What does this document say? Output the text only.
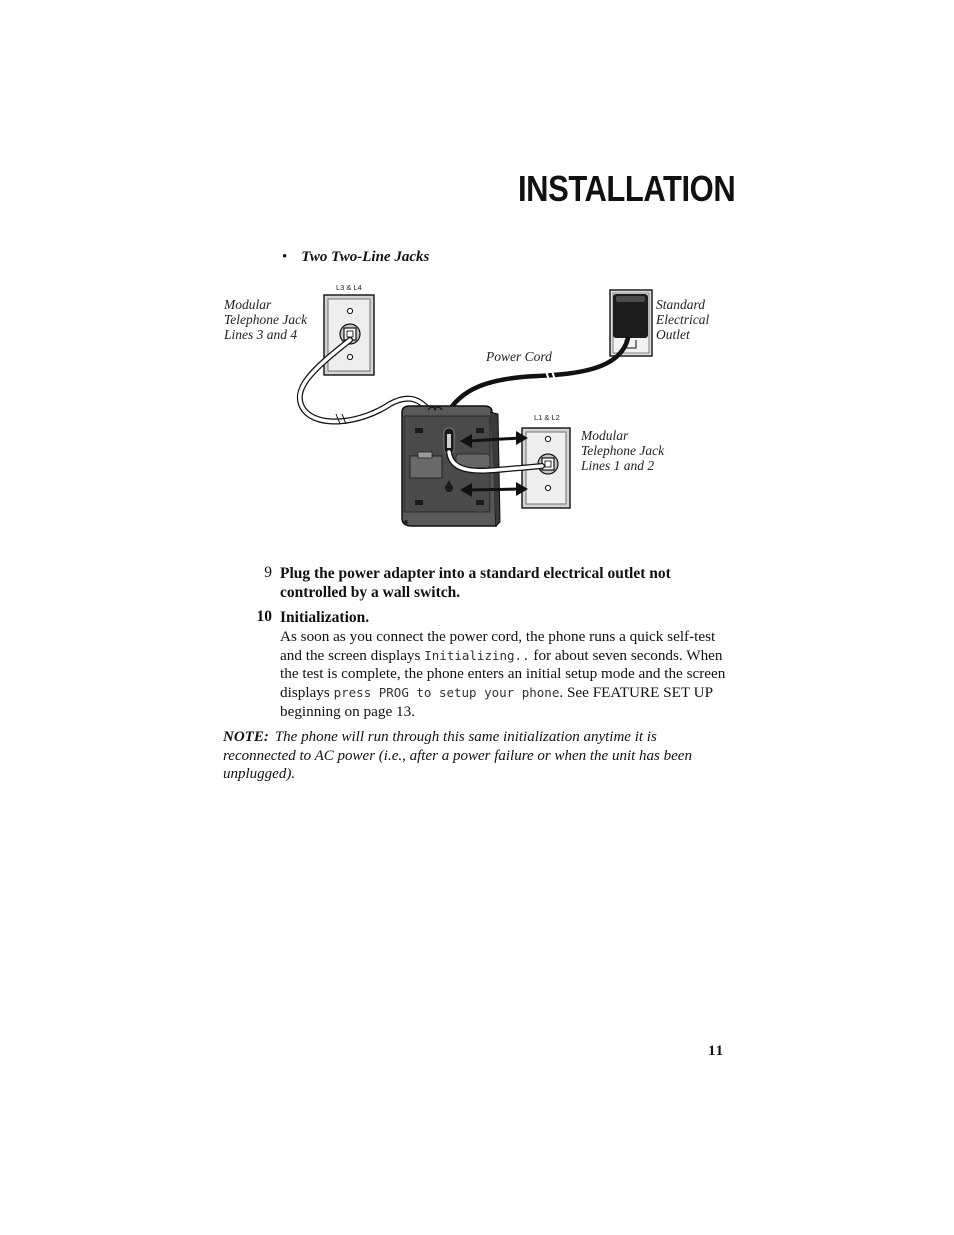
INSTALLATION
• Two Two-Line Jacks
L3 & L4
Modular
Telephone Jack
Lines 3 and 4
Standard
Electrical
Outlet
Power Cord
L1 & L2
Modular
Telephone Jack
Lines 1 and 2
9 Plug the power adapter into a standard electrical outlet not
controlled by a wall switch.
10 Initialization.
As soon as you connect the power cord, the phone runs a quick self-test and the screen displays Initializing.. for about seven seconds. When the test is complete, the phone enters an initial setup mode and the screen displays press PROG to setup your phone. See FEATURE SET UP beginning on page 13.
NOTE: The phone will run through this same initialization anytime it is reconnected to AC power (i.e., after a power failure or when the unit has been unplugged).
11
